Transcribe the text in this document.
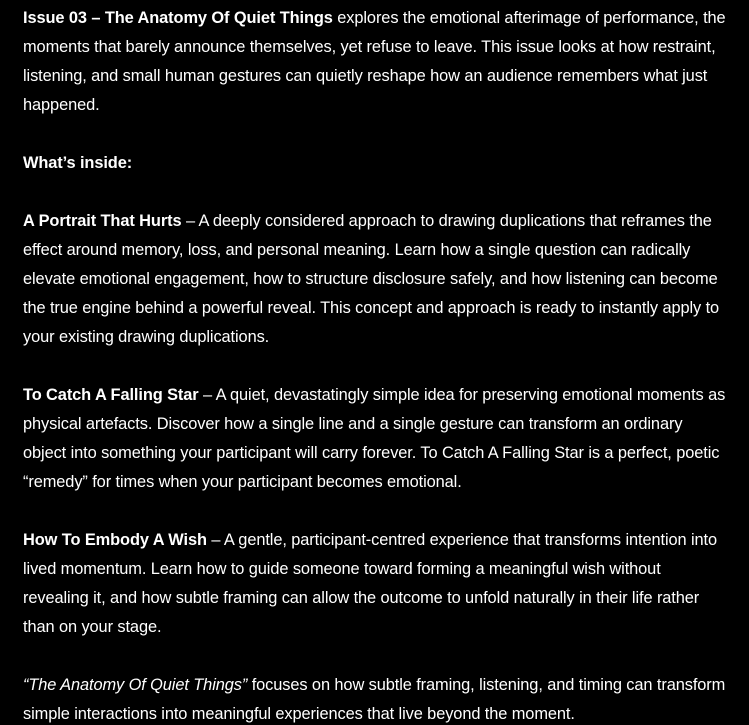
Issue 03 – The Anatomy Of Quiet Things explores the emotional afterimage of performance, the moments that barely announce themselves, yet refuse to leave. This issue looks at how restraint, listening, and small human gestures can quietly reshape how an audience remembers what just happened.

What’s inside:

A Portrait That Hurts – A deeply considered approach to drawing duplications that reframes the effect around memory, loss, and personal meaning. Learn how a single question can radically elevate emotional engagement, how to structure disclosure safely, and how listening can become the true engine behind a powerful reveal. This concept and approach is ready to instantly apply to your existing drawing duplications.

To Catch A Falling Star – A quiet, devastatingly simple idea for preserving emotional moments as physical artefacts. Discover how a single line and a single gesture can transform an ordinary object into something your participant will carry forever. To Catch A Falling Star is a perfect, poetic “remedy” for times when your participant becomes emotional.

How To Embody A Wish – A gentle, participant-centred experience that transforms intention into lived momentum. Learn how to guide someone toward forming a meaningful wish without revealing it, and how subtle framing can allow the outcome to unfold naturally in their life rather than on your stage.

“The Anatomy Of Quiet Things” focuses on how subtle framing, listening, and timing can transform simple interactions into meaningful experiences that live beyond the moment.
